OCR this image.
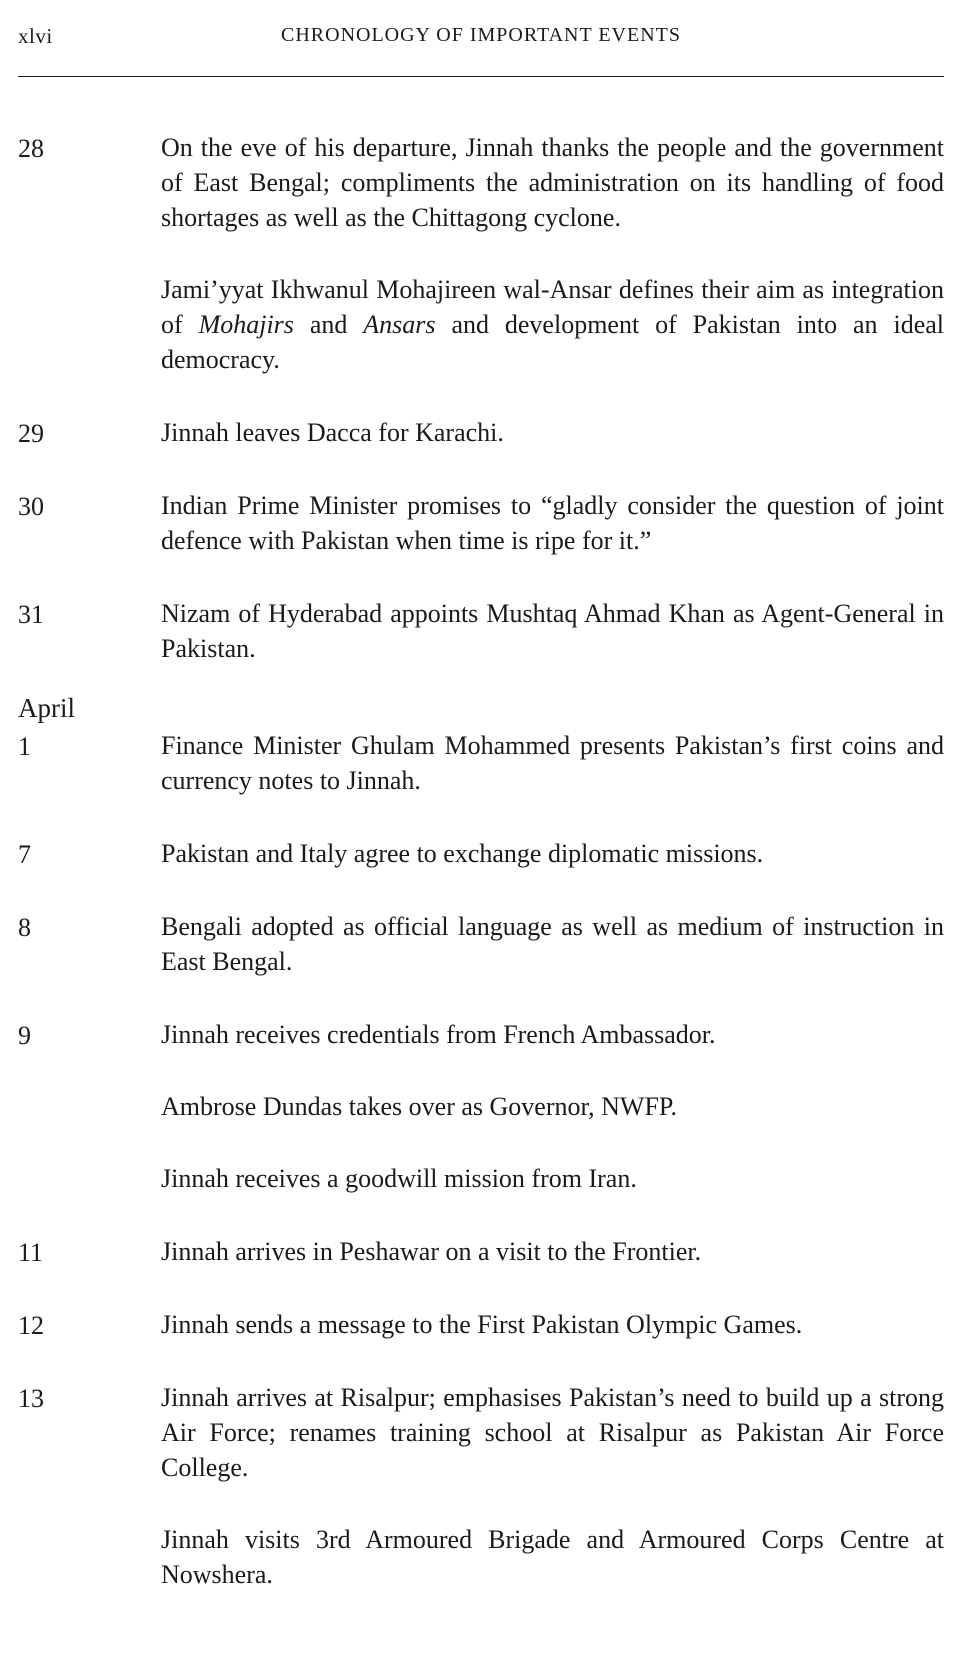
xlvi	CHRONOLOGY OF IMPORTANT EVENTS
28	On the eve of his departure, Jinnah thanks the people and the government of East Bengal; compliments the administration on its handling of food shortages as well as the Chittagong cyclone.

Jami’yyat Ikhwanul Mohajireen wal-Ansar defines their aim as integration of Mohajirs and Ansars and development of Pakistan into an ideal democracy.

29	Jinnah leaves Dacca for Karachi.

30	Indian Prime Minister promises to “gladly consider the question of joint defence with Pakistan when time is ripe for it.”

31	Nizam of Hyderabad appoints Mushtaq Ahmad Khan as Agent-General in Pakistan.

April
1	Finance Minister Ghulam Mohammed presents Pakistan’s first coins and currency notes to Jinnah.

7	Pakistan and Italy agree to exchange diplomatic missions.

8	Bengali adopted as official language as well as medium of instruction in East Bengal.

9	Jinnah receives credentials from French Ambassador.

Ambrose Dundas takes over as Governor, NWFP.

Jinnah receives a goodwill mission from Iran.

11	Jinnah arrives in Peshawar on a visit to the Frontier.

12	Jinnah sends a message to the First Pakistan Olympic Games.

13	Jinnah arrives at Risalpur; emphasises Pakistan’s need to build up a strong Air Force; renames training school at Risalpur as Pakistan Air Force College.

Jinnah visits 3rd Armoured Brigade and Armoured Corps Centre at Nowshera.
